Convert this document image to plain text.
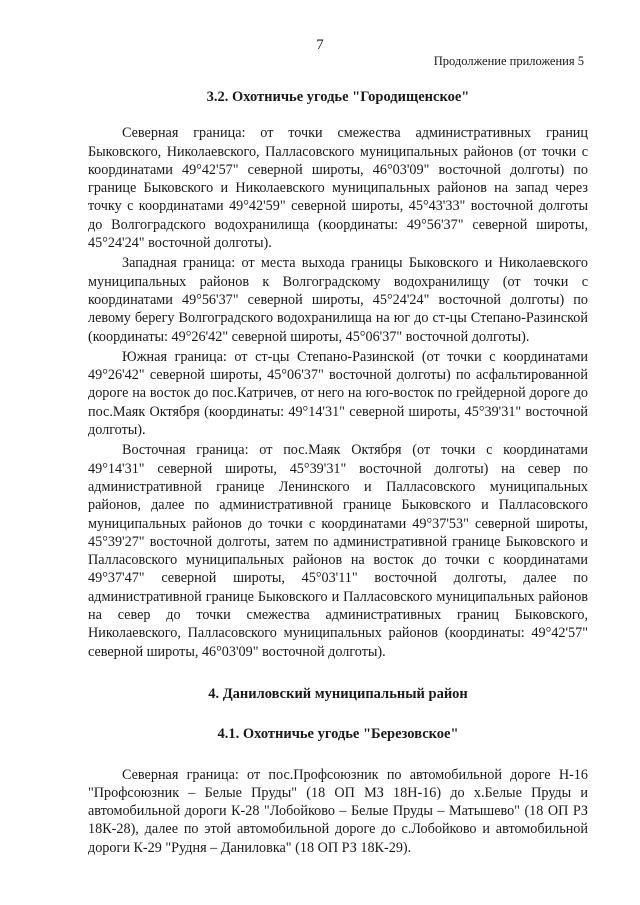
7
Продолжение приложения 5
3.2. Охотничье угодье "Городищенское"

Северная граница: от точки смежества административных границ Быковского, Николаевского, Палласовского муниципальных районов (от точки с координатами 49°42'57" северной широты, 46°03'09" восточной долготы) по границе Быковского и Николаевского муниципальных районов на запад через точку с координатами 49°42'59" северной широты, 45°43'33" восточной долготы до Волгоградского водохранилища (координаты: 49°56'37" северной широты, 45°24'24" восточной долготы).

Западная граница: от места выхода границы Быковского и Николаевского муниципальных районов к Волгоградскому водохранилищу (от точки с координатами 49°56'37" северной широты, 45°24'24" восточной долготы) по левому берегу Волгоградского водохранилища на юг до ст-цы Степано-Разинской (координаты: 49°26'42" северной широты, 45°06'37" восточной долготы).

Южная граница: от ст-цы Степано-Разинской (от точки с координатами 49°26'42" северной широты, 45°06'37" восточной долготы) по асфальтированной дороге на восток до пос.Катричев, от него на юго-восток по грейдерной дороге до пос.Маяк Октября (координаты: 49°14'31" северной широты, 45°39'31" восточной долготы).

Восточная граница: от пос.Маяк Октября (от точки с координатами 49°14'31" северной широты, 45°39'31" восточной долготы) на север по административной границе Ленинского и Палласовского муниципальных районов, далее по административной границе Быковского и Палласовского муниципальных районов до точки с координатами 49°37'53" северной широты, 45°39'27" восточной долготы, затем по административной границе Быковского и Палласовского муниципальных районов на восток до точки с координатами 49°37'47" северной широты, 45°03'11" восточной долготы, далее по административной границе Быковского и Палласовского муниципальных районов на север до точки смежества административных границ Быковского, Николаевского, Палласовского муниципальных районов (координаты: 49°42'57" северной широты, 46°03'09" восточной долготы).

4. Даниловский муниципальный район
4.1. Охотничье угодье "Березовское"

Северная граница: от пос.Профсоюзник по автомобильной дороге Н-16 "Профсоюзник – Белые Пруды" (18 ОП МЗ 18Н-16) до х.Белые Пруды и автомобильной дороги К-28 "Лобойково – Белые Пруды – Матышево" (18 ОП РЗ 18К-28), далее по этой автомобильной дороге до с.Лобойково и автомобильной дороги К-29 "Рудня – Даниловка" (18 ОП РЗ 18К-29).
